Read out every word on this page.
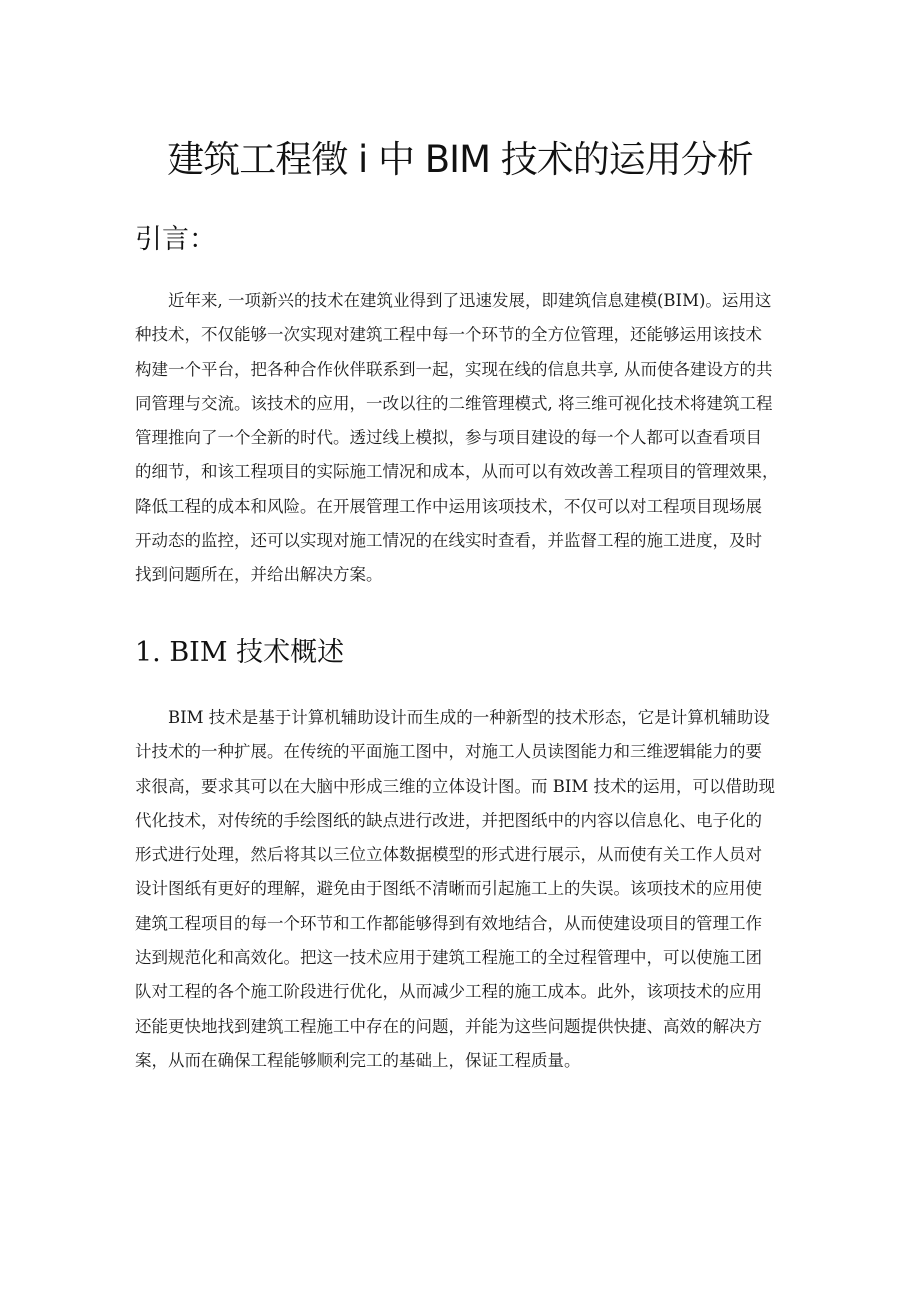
建筑工程徵 i 中 BIM 技术的运用分析
引言：
近年来, 一项新兴的技术在建筑业得到了迅速发展，即建筑信息建模(BIM)。运用这
种技术，不仅能够一次实现对建筑工程中每一个环节的全方位管理，还能够运用该技术
构建一个平台，把各种合作伙伴联系到一起，实现在线的信息共享, 从而使各建设方的共
同管理与交流。该技术的应用，一改以往的二维管理模式, 将三维可视化技术将建筑工程
管理推向了一个全新的时代。透过线上模拟，参与项目建设的每一个人都可以查看项目
的细节，和该工程项目的实际施工情况和成本，从而可以有效改善工程项目的管理效果，
降低工程的成本和风险。在开展管理工作中运用该项技术，不仅可以对工程项目现场展
开动态的监控，还可以实现对施工情况的在线实时查看，并监督工程的施工进度，及时
找到问题所在，并给出解决方案。
1. BIM 技术概述
BIM 技术是基于计算机辅助设计而生成的一种新型的技术形态，它是计算机辅助设
计技术的一种扩展。在传统的平面施工图中，对施工人员读图能力和三维逻辑能力的要
求很高，要求其可以在大脑中形成三维的立体设计图。而 BIM 技术的运用，可以借助现
代化技术，对传统的手绘图纸的缺点进行改进，并把图纸中的内容以信息化、电子化的
形式进行处理，然后将其以三位立体数据模型的形式进行展示，从而使有关工作人员对
设计图纸有更好的理解，避免由于图纸不清晰而引起施工上的失误。该项技术的应用使
建筑工程项目的每一个环节和工作都能够得到有效地结合，从而使建设项目的管理工作
达到规范化和高效化。把这一技术应用于建筑工程施工的全过程管理中，可以使施工团
队对工程的各个施工阶段进行优化，从而减少工程的施工成本。此外，该项技术的应用
还能更快地找到建筑工程施工中存在的问题，并能为这些问题提供快捷、高效的解决方
案，从而在确保工程能够顺利完工的基础上，保证工程质量。
